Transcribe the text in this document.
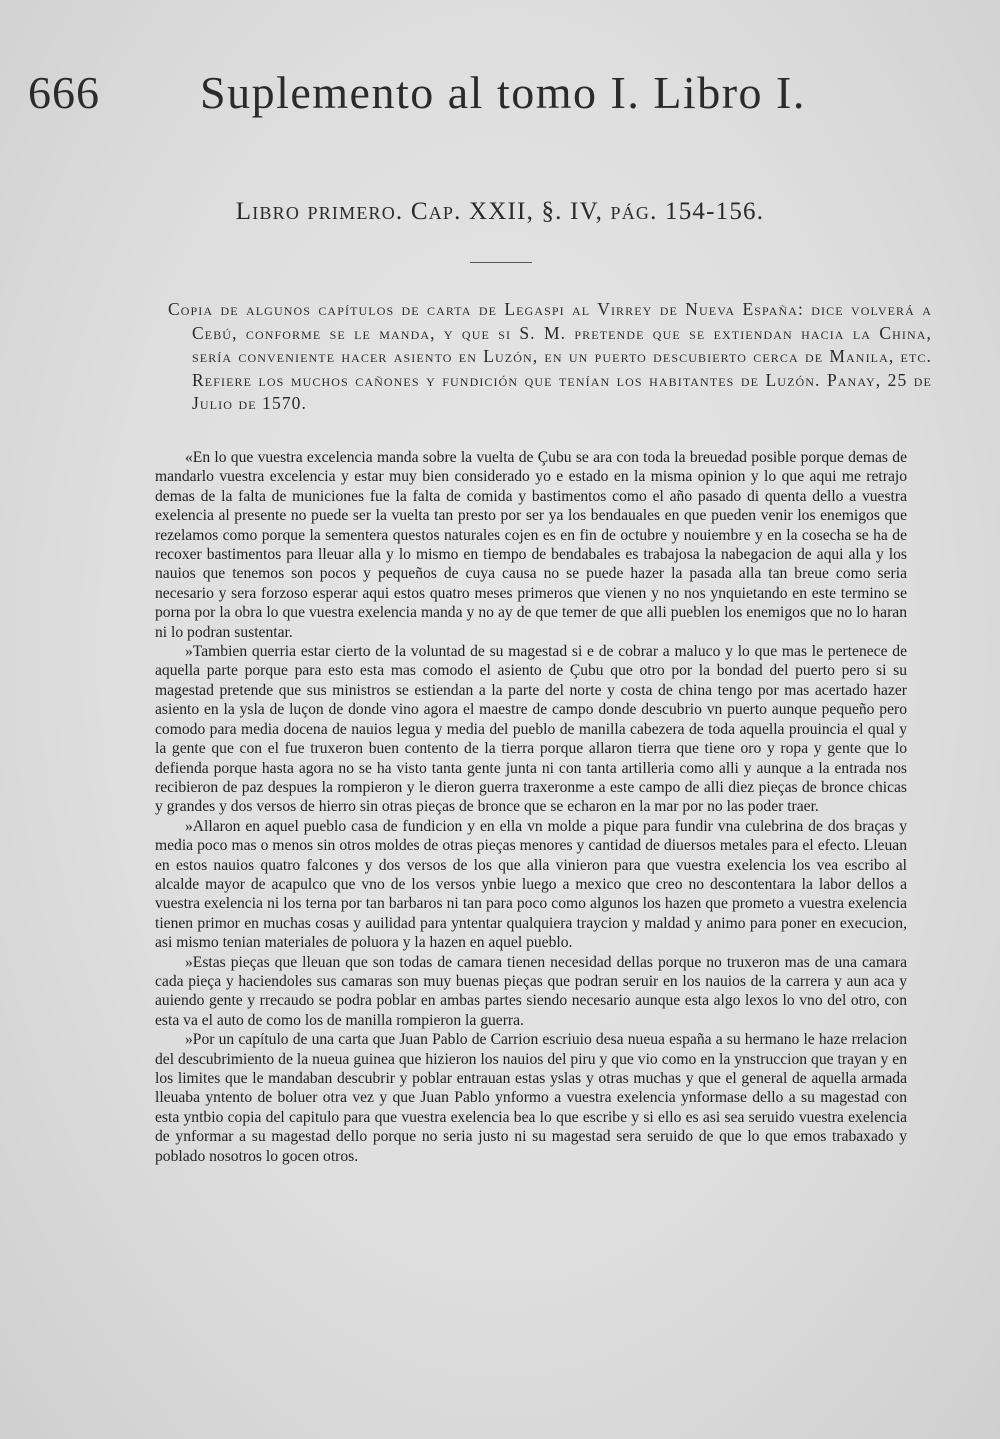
666 Suplemento al tomo I. Libro I.
Libro primero. Cap. XXII, §. IV, pág. 154-156.
Copia de algunos capítulos de carta de Legaspi al Virrey de Nueva España: dice volverá a Cebú, conforme se le manda, y que si S. M. pretende que se extiendan hacia la China, sería conveniente hacer asiento en Luzón, en un puerto descubierto cerca de Manila, etc. Refiere los muchos cañones y fundición que tenían los habitantes de Luzón. Panay, 25 de Julio de 1570.

«En lo que vuestra excelencia manda sobre la vuelta de Çubu se ara con toda la breuedad posible porque demas de mandarlo vuestra excelencia y estar muy bien considerado yo e estado en la misma opinion y lo que aqui me retrajo demas de la falta de municiones fue la falta de comida y bastimentos como el año pasado di quenta dello a vuestra exelencia al presente no puede ser la vuelta tan presto por ser ya los bendauales en que pueden venir los enemigos que rezelamos como porque la sementera questos naturales cojen es en fin de octubre y nouiembre y en la cosecha se ha de recoxer bastimentos para lleuar alla y lo mismo en tiempo de bendabales es trabajosa la nabegacion de aqui alla y los nauios que tenemos son pocos y pequeños de cuya causa no se puede hazer la pasada alla tan breue como seria necesario y sera forzoso esperar aqui estos quatro meses primeros que vienen y no nos ynquietando en este termino se porna por la obra lo que vuestra exelencia manda y no ay de que temer de que alli pueblen los enemigos que no lo haran ni lo podran sustentar.

»Tambien querria estar cierto de la voluntad de su magestad si e de cobrar a maluco y lo que mas le pertenece de aquella parte porque para esto esta mas comodo el asiento de Çubu que otro por la bondad del puerto pero si su magestad pretende que sus ministros se estiendan a la parte del norte y costa de china tengo por mas acertado hazer asiento en la ysla de luçon de donde vino agora el maestre de campo donde descubrio vn puerto aunque pequeño pero comodo para media docena de nauios legua y media del pueblo de manilla cabezera de toda aquella prouincia el qual y la gente que con el fue truxeron buen contento de la tierra porque allaron tierra que tiene oro y ropa y gente que lo defienda porque hasta agora no se ha visto tanta gente junta ni con tanta artilleria como alli y aunque a la entrada nos recibieron de paz despues la rompieron y le dieron guerra traxeronme a este campo de alli diez pieças de bronce chicas y grandes y dos versos de hierro sin otras pieças de bronce que se echaron en la mar por no las poder traer.

»Allaron en aquel pueblo casa de fundicion y en ella vn molde a pique para fundir vna culebrina de dos braças y media poco mas o menos sin otros moldes de otras pieças menores y cantidad de diuersos metales para el efecto. Lleuan en estos nauios quatro falcones y dos versos de los que alla vinieron para que vuestra exelencia los vea escribo al alcalde mayor de acapulco que vno de los versos ynbie luego a mexico que creo no descontentara la labor dellos a vuestra exelencia ni los terna por tan barbaros ni tan para poco como algunos los hazen que prometo a vuestra exelencia tienen primor en muchas cosas y auilidad para yntentar qualquiera traycion y maldad y animo para poner en execucion, asi mismo tenian materiales de poluora y la hazen en aquel pueblo.

»Estas pieças que lleuan que son todas de camara tienen necesidad dellas porque no truxeron mas de una camara cada pieça y haciendoles sus camaras son muy buenas pieças que podran seruir en los nauios de la carrera y aun aca y auiendo gente y rrecaudo se podra poblar en ambas partes siendo necesario aunque esta algo lexos lo vno del otro, con esta va el auto de como los de manilla rompieron la guerra.

»Por un capítulo de una carta que Juan Pablo de Carrion escriuio desa nueua españa a su hermano le haze rrelacion del descubrimiento de la nueua guinea que hizieron los nauios del piru y que vio como en la ynstruccion que trayan y en los limites que le mandaban descubrir y poblar entrauan estas yslas y otras muchas y que el general de aquella armada lleuaba yntento de boluer otra vez y que Juan Pablo ynformo a vuestra exelencia ynformase dello a su magestad con esta yntbio copia del capitulo para que vuestra exelencia bea lo que escribe y si ello es asi sea seruido vuestra exelencia de ynformar a su magestad dello porque no seria justo ni su magestad sera seruido de que lo que emos trabaxado y poblado nosotros lo gocen otros.
